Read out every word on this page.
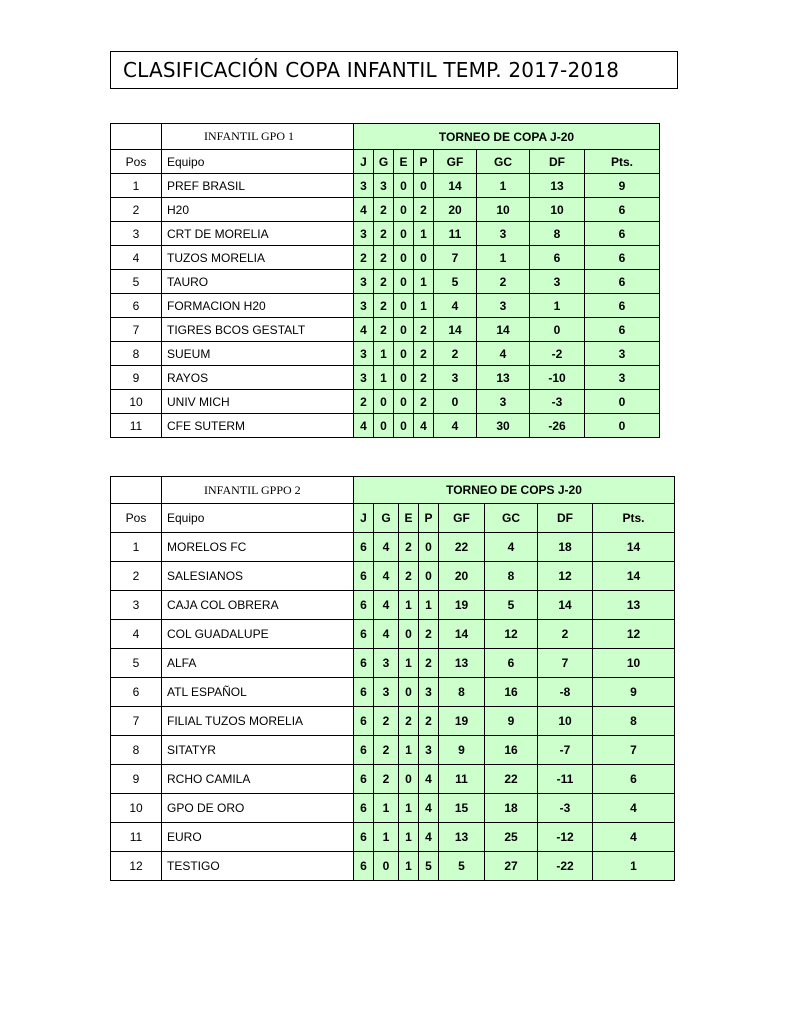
CLASIFICACIÓN COPA INFANTIL TEMP. 2017-2018
	INFANTIL GPO 1	TORNEO DE COPA J-20							
Pos	Equipo	J	G	E	P	GF	GC	DF	Pts.
1	PREF BRASIL	3	3	0	0	14	1	13	9
2	H20	4	2	0	2	20	10	10	6
3	CRT DE MORELIA	3	2	0	1	11	3	8	6
4	TUZOS MORELIA	2	2	0	0	7	1	6	6
5	TAURO	3	2	0	1	5	2	3	6
6	FORMACION H20	3	2	0	1	4	3	1	6
7	TIGRES BCOS GESTALT	4	2	0	2	14	14	0	6
8	SUEUM	3	1	0	2	2	4	-2	3
9	RAYOS	3	1	0	2	3	13	-10	3
10	UNIV MICH	2	0	0	2	0	3	-3	0
11	CFE SUTERM	4	0	0	4	4	30	-26	0
	INFANTIL GPPO 2	TORNEO DE COPS J-20							
Pos	Equipo	J	G	E	P	GF	GC	DF	Pts.
1	MORELOS FC	6	4	2	0	22	4	18	14
2	SALESIANOS	6	4	2	0	20	8	12	14
3	CAJA COL OBRERA	6	4	1	1	19	5	14	13
4	COL GUADALUPE	6	4	0	2	14	12	2	12
5	ALFA	6	3	1	2	13	6	7	10
6	ATL ESPAÑOL	6	3	0	3	8	16	-8	9
7	FILIAL TUZOS MORELIA	6	2	2	2	19	9	10	8
8	SITATYR	6	2	1	3	9	16	-7	7
9	RCHO CAMILA	6	2	0	4	11	22	-11	6
10	GPO DE ORO	6	1	1	4	15	18	-3	4
11	EURO	6	1	1	4	13	25	-12	4
12	TESTIGO	6	0	1	5	5	27	-22	1
